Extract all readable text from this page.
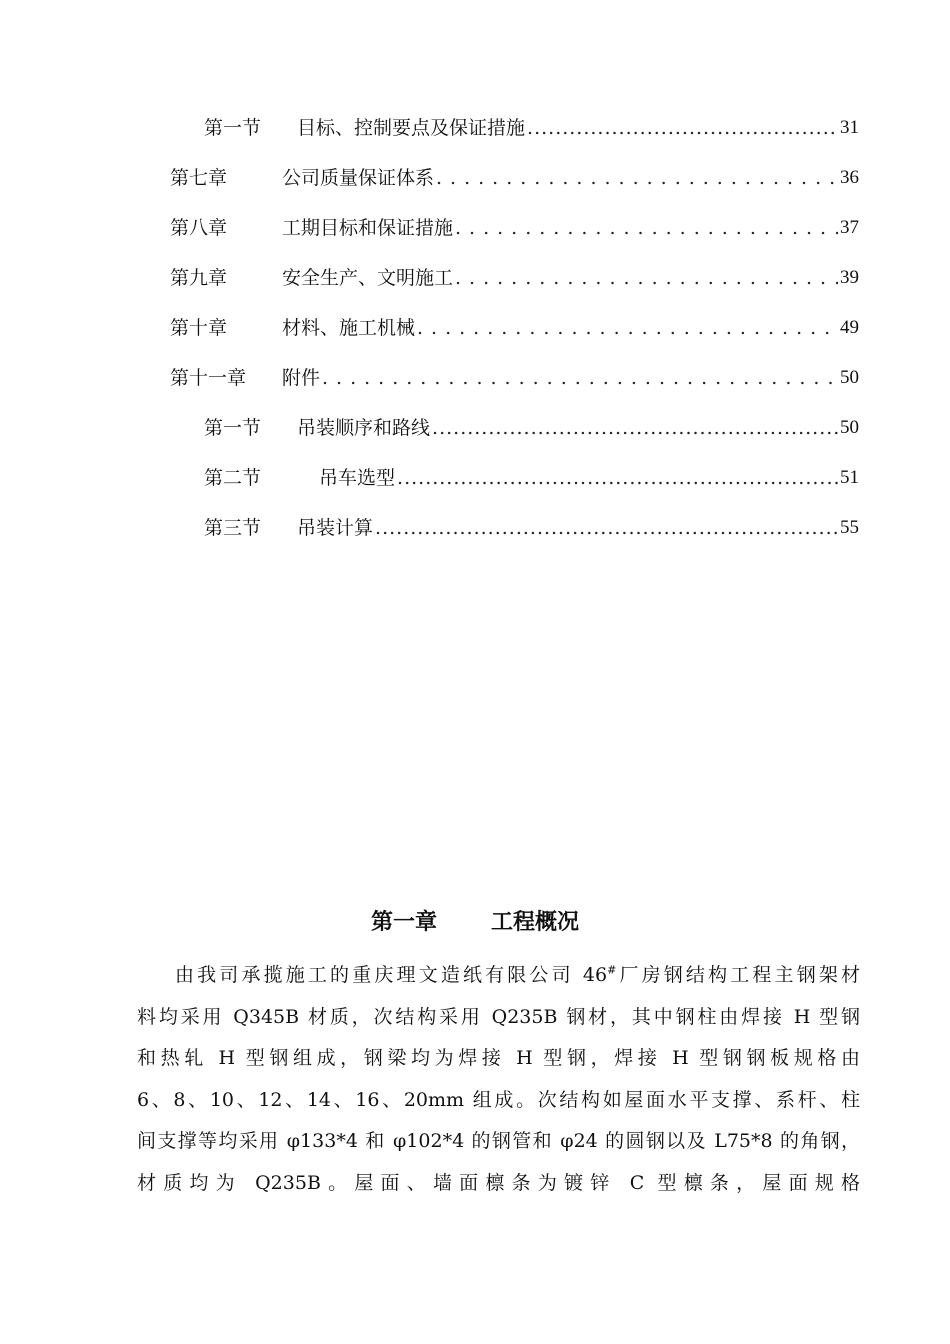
第一节 目标、控制要点及保证措施 .....	31
第七章	公司质量保证体系 .....	36
第八章	工期目标和保证措施 .....	37
第九章	安全生产、文明施工 .....	39
第十章	材料、施工机械 .....	49
第十一章	附件 .....	50
第一节 吊装顺序和路线 .....	50
第二节	吊车选型 .....	51
第三节 吊装计算 .....	55
第一章 工程概况
由我司承揽施工的重庆理文造纸有限公司 46#厂房钢结构工程主钢架材
料均采用 Q345B 材质，次结构采用 Q235B 钢材，其中钢柱由焊接 H 型钢
和热轧 H 型钢组成，钢梁均为焊接 H 型钢，焊接 H 型钢钢板规格由
6、8、10、12、14、16、20mm 组成。次结构如屋面水平支撑、系杆、柱
间支撑等均采用 φ133*4 和 φ102*4 的钢管和 φ24 的圆钢以及 L75*8 的角钢，
材质均为 Q235B。屋面、墙面檩条为镀锌 C 型檩条，屋面规格
